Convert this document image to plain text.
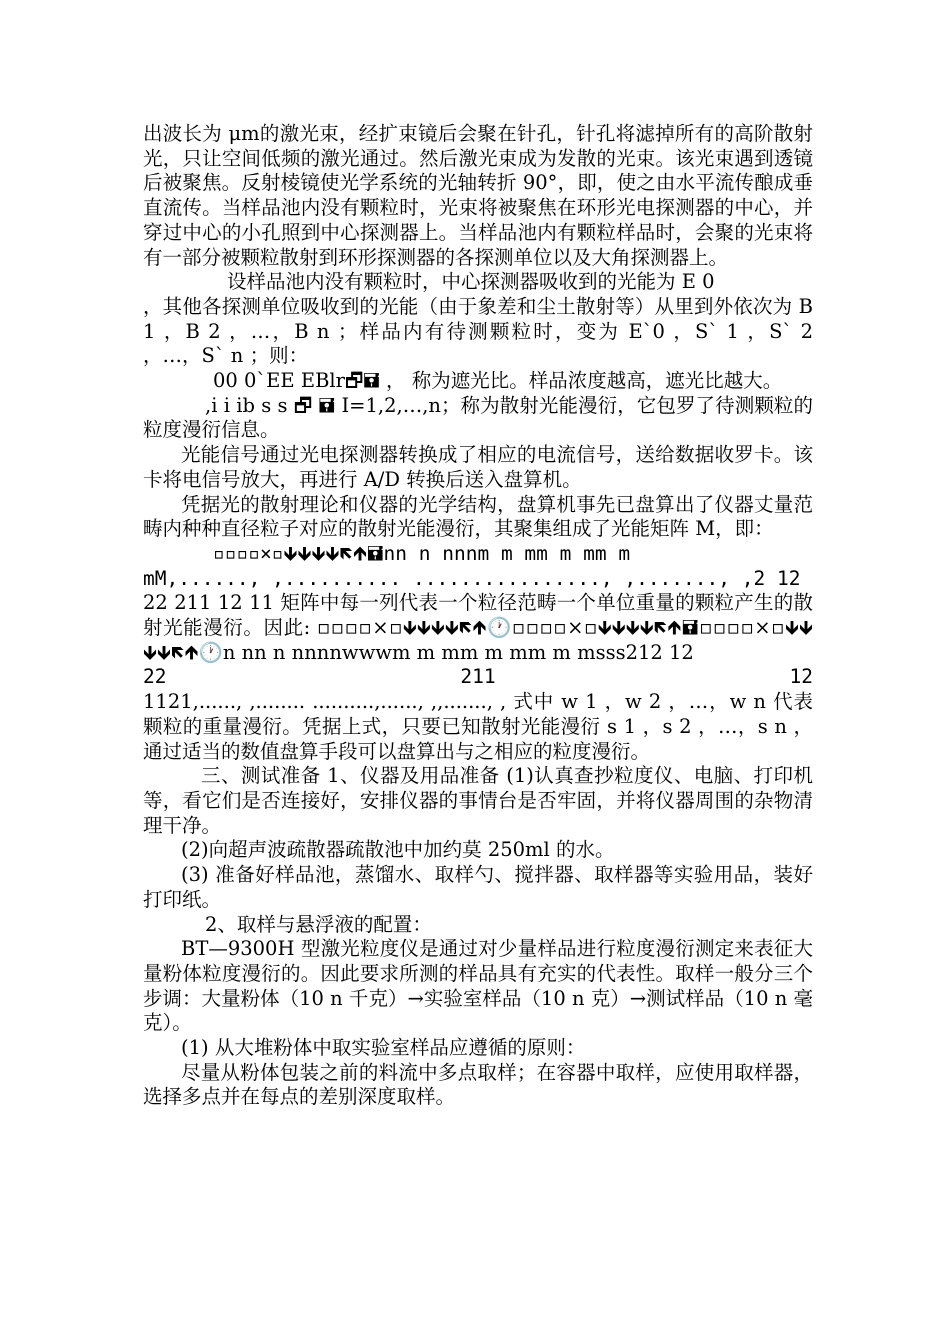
出波长为 μm的激光束，经扩束镜后会聚在针孔，针孔将滤掉所有的高阶散射光，只让空间低频的激光通过。然后激光束成为发散的光束。该光束遇到透镜后被聚焦。反射棱镜使光学系统的光轴转折 90°，即，使之由水平流传酿成垂直流传。当样品池内没有颗粒时，光束将被聚焦在环形光电探测器的中心，并穿过中心的小孔照到中心探测器上。当样品池内有颗粒样品时，会聚的光束将有一部分被颗粒散射到环形探测器的各探测单位以及大角探测器上。

设样品池内没有颗粒时，中心探测器吸收到的光能为 E 0

，其他各探测单位吸收到的光能（由于象差和尘土散射等）从里到外依次为 B 1 ，B 2 ，…，B n ；样品内有待测颗粒时，变为 E`0 ，S` 1 ，S` 2 ，…，S` n ；则：

00 0`EE EBlr🗗🖬 ， 称为遮光比。样品浓度越高，遮光比越大。

,i i ib s s 🗗 🖬 I=1,2,…,n；称为散射光能漫衍，它包罗了待测颗粒的粒度漫衍信息。

光能信号通过光电探测器转换成了相应的电流信号，送给数据收罗卡。该卡将电信号放大，再进行 A/D 转换后送入盘算机。

凭据光的散射理论和仪器的光学结构，盘算机事先已盘算出了仪器丈量范畴内种种直径粒子对应的散射光能漫衍，其聚集组成了光能矩阵 M，即：

▫▫▫▫×▫🡻🡻🡻🡻🡼🡹🖬nn n nnnm m mm m mm m

mM,......, ,.......... ................, ,......., ,2 12

22 211 12 11 矩阵中每一列代表一个粒径范畴一个单位重量的颗粒产生的散射光能漫衍。因此: ▫▫▫▫×▫🡻🡻🡻🡻🡼🡹🕐▫▫▫▫×▫🡻🡻🡻🡻🡼🡹🖬▫▫▫▫×▫🡻🡻🡻🡻🡼🡹🕐n nn n nnnnwwwm m mm m mm m msss212 12

22	211	12

1121,......, ,........ ..........,......, ,,......., , 式中 w 1 ，w 2 ，…，w n 代表颗粒的重量漫衍。凭据上式，只要已知散射光能漫衍 s 1 ，s 2 ，…，s n ，通过适当的数值盘算手段可以盘算出与之相应的粒度漫衍。

三、测试准备 1、仪器及用品准备 (1)认真查抄粒度仪、电脑、打印机等，看它们是否连接好，安排仪器的事情台是否牢固，并将仪器周围的杂物清理干净。

(2)向超声波疏散器疏散池中加约莫 250ml 的水。

(3) 准备好样品池，蒸馏水、取样勺、搅拌器、取样器等实验用品，装好打印纸。

2、取样与悬浮液的配置：

BT—9300H 型激光粒度仪是通过对少量样品进行粒度漫衍测定来表征大量粉体粒度漫衍的。因此要求所测的样品具有充实的代表性。取样一般分三个步调：大量粉体（10 n 千克）→实验室样品（10 n 克）→测试样品（10 n 毫克）。

(1) 从大堆粉体中取实验室样品应遵循的原则：

尽量从粉体包装之前的料流中多点取样；在容器中取样，应使用取样器，选择多点并在每点的差别深度取样。
